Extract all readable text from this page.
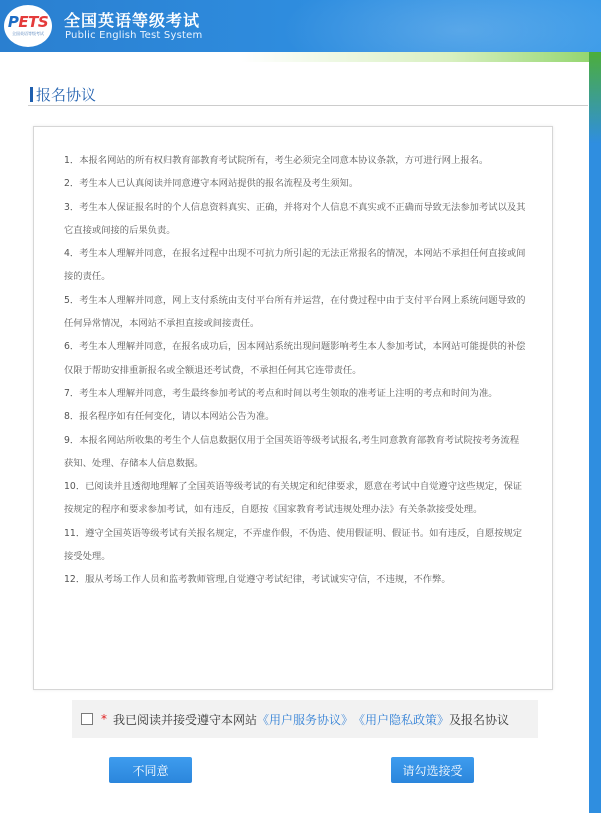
PETS
全国英语等级考试
全国英语等级考试
Public English Test System
报名协议

1．本报名网站的所有权归教育部教育考试院所有，考生必须完全同意本协议条款，方可进行网上报名。

2．考生本人已认真阅读并同意遵守本网站提供的报名流程及考生须知。

3．考生本人保证报名时的个人信息资料真实、正确，并将对个人信息不真实或不正确而导致无法参加考试以及其它直接或间接的后果负责。

4．考生本人理解并同意，在报名过程中出现不可抗力所引起的无法正常报名的情况，本网站不承担任何直接或间接的责任。

5．考生本人理解并同意，网上支付系统由支付平台所有并运营，在付费过程中由于支付平台网上系统问题导致的任何异常情况，本网站不承担直接或间接责任。

6．考生本人理解并同意，在报名成功后，因本网站系统出现问题影响考生本人参加考试，本网站可能提供的补偿仅限于帮助安排重新报名或全额退还考试费，不承担任何其它连带责任。

7．考生本人理解并同意，考生最终参加考试的考点和时间以考生领取的准考证上注明的考点和时间为准。

8．报名程序如有任何变化，请以本网站公告为准。

9．本报名网站所收集的考生个人信息数据仅用于全国英语等级考试报名,考生同意教育部教育考试院按考务流程获知、处理、存储本人信息数据。

10．已阅读并且透彻地理解了全国英语等级考试的有关规定和纪律要求，愿意在考试中自觉遵守这些规定，保证按规定的程序和要求参加考试，如有违反，自愿按《国家教育考试违规处理办法》有关条款接受处理。

11．遵守全国英语等级考试有关报名规定，不弄虚作假，不伪造、使用假证明、假证书。如有违反，自愿按规定接受处理。

12．服从考场工作人员和监考教师管理,自觉遵守考试纪律，考试诚实守信，不违规，不作弊。

* 我已阅读并接受遵守本网站 《用户服务协议》 《用户隐私政策》 及报名协议
不同意	请勾选接受
